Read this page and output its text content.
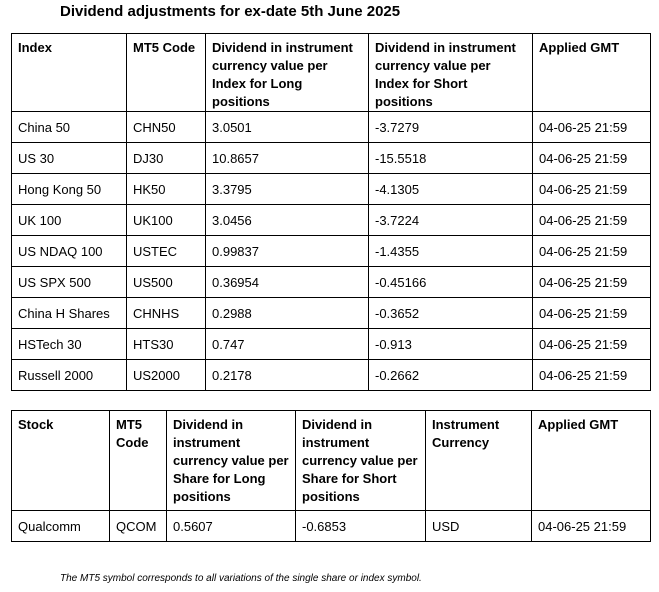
Dividend adjustments for ex-date 5th June 2025
Index	MT5 Code	Dividend in instrument currency value per Index for Long positions	Dividend in instrument currency value per Index for Short positions	Applied GMT
China 50	CHN50	3.0501	-3.7279	04-06-25 21:59
US 30	DJ30	10.8657	-15.5518	04-06-25 21:59
Hong Kong 50	HK50	3.3795	-4.1305	04-06-25 21:59
UK 100	UK100	3.0456	-3.7224	04-06-25 21:59
US NDAQ 100	USTEC	0.99837	-1.4355	04-06-25 21:59
US SPX 500	US500	0.36954	-0.45166	04-06-25 21:59
China H Shares	CHNHS	0.2988	-0.3652	04-06-25 21:59
HSTech 30	HTS30	0.747	-0.913	04-06-25 21:59
Russell 2000	US2000	0.2178	-0.2662	04-06-25 21:59
Stock	MT5 Code	Dividend in instrument currency value per Share for Long positions	Dividend in instrument currency value per Share for Short positions	Instrument Currency	Applied GMT
Qualcomm	QCOM	0.5607	-0.6853	USD	04-06-25 21:59
The MT5 symbol corresponds to all variations of the single share or index symbol.
